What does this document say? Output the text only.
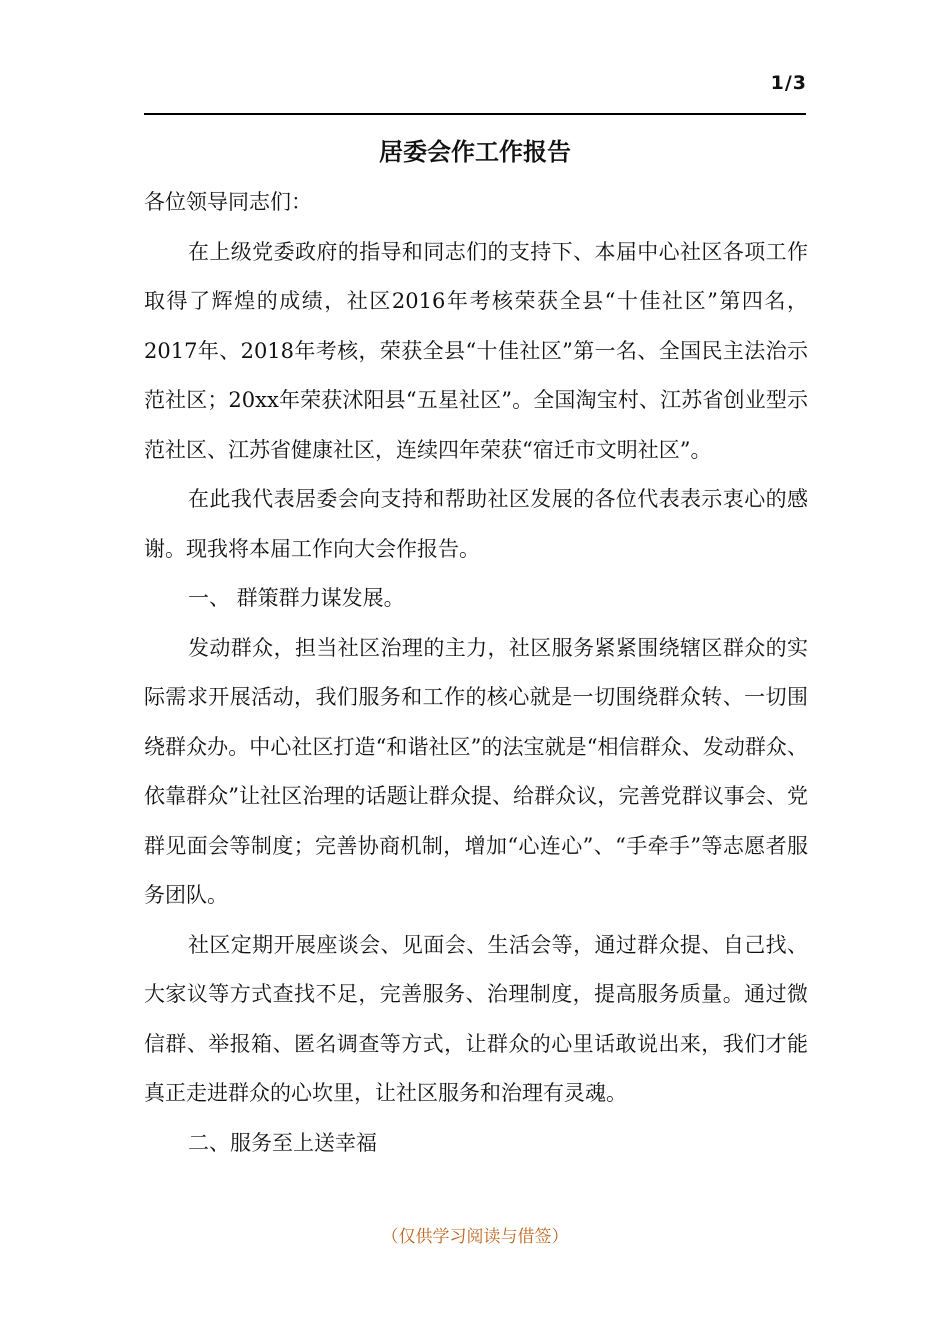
1/3
居委会作工作报告

各位领导同志们：

在上级党委政府的指导和同志们的支持下、本届中心社区各项工作取得了辉煌的成绩，社区2016年考核荣获全县“十佳社区”第四名，2017年、2018年考核，荣获全县“十佳社区”第一名、全国民主法治示范社区；20xx年荣获沭阳县“五星社区”。全国淘宝村、江苏省创业型示范社区、江苏省健康社区，连续四年荣获“宿迁市文明社区”。

在此我代表居委会向支持和帮助社区发展的各位代表表示衷心的感谢。现我将本届工作向大会作报告。

一、 群策群力谋发展。

发动群众，担当社区治理的主力，社区服务紧紧围绕辖区群众的实际需求开展活动，我们服务和工作的核心就是一切围绕群众转、一切围绕群众办。中心社区打造“和谐社区”的法宝就是“相信群众、发动群众、依靠群众”让社区治理的话题让群众提、给群众议，完善党群议事会、党群见面会等制度；完善协商机制，增加“心连心”、“手牵手”等志愿者服务团队。

社区定期开展座谈会、见面会、生活会等，通过群众提、自己找、大家议等方式查找不足，完善服务、治理制度，提高服务质量。通过微信群、举报箱、匿名调查等方式，让群众的心里话敢说出来，我们才能真正走进群众的心坎里，让社区服务和治理有灵魂。

二、服务至上送幸福

（仅供学习阅读与借签）
